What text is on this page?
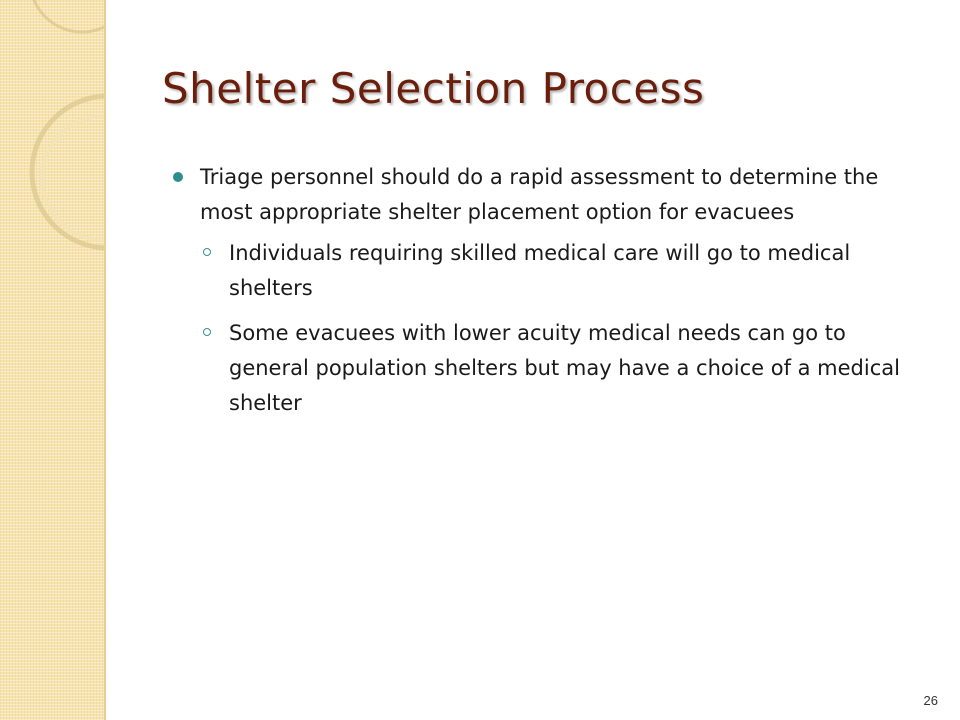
Shelter Selection Process
Triage personnel should do a rapid assessment to determine the most appropriate shelter placement option for evacuees
Individuals requiring skilled medical care will go to medical shelters
Some evacuees with lower acuity medical needs can go to general population shelters but may have a choice of a medical shelter
26
